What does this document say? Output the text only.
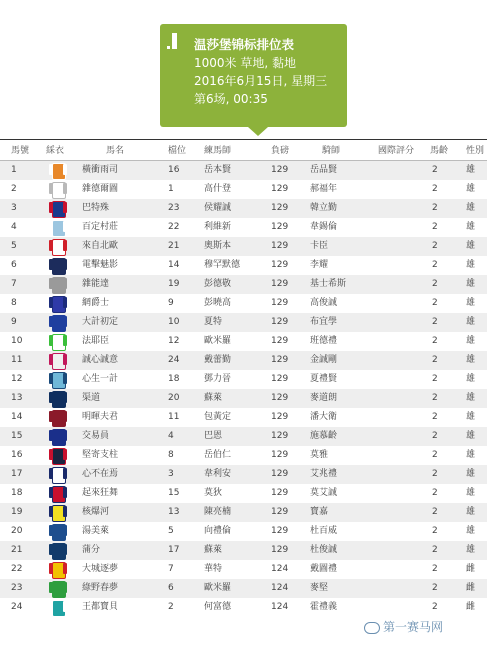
温莎堡锦标排位表
1000米 草地, 黏地
2016年6月15日, 星期三
第6场, 00:35
馬號 綵衣	馬名	檔位 練馬師	負磅	騎師	國際評分 馬齡 性別
1	橫衝雨司	16	岳本賢	129 岳品賢	2	雄
2	雜德爾圖	1	高什登	129 郝福年	2	雄
3	巴特殊	23	侯耀誠	129 韓立勤	2	雄
4	百定村莊	22	利維新	129 韋錫倫	2	雄
5	來自北歐	21	奧斯本	129 卡臣	2	雄
6	電擊魅影	14	穆罕默德	129 李耀	2	雄
7	雜能達	19	彭德敬	129 基士希斯	2	雄
8	網爵士	9	彭曉高	129 高俊誠	2	雄
9	大計初定	10	夏特	129 布宜學	2	雄
10	法耶臣	12	歐米羅	129 班德禮	2	雄
11	誠心誠意	24	戴蕾勤	129 金誠剛	2	雄
12	心生一計	18	鄧力晉	129 夏禮賢	2	雄
13	渠道	20	蘇萊	129 麥道朗	2	雄
14	明暉夫君	11	包黃定	129 潘大衛	2	雄
15	交易員	4	巴恩	129 施慕齡	2	雄
16	堅寄支柱	8	岳伯仁	129 莫雅	2	雄
17	心不在焉	3	韋利安	129 艾兆禮	2	雄
18	起來狂舞	15	莫狄	129 莫艾誠	2	雄
19	核爆河	13	陳亮楠	129 寶嘉	2	雄
20	湯美萊	5	向禮倫	129 杜百威	2	雄
21	蒲分	17	蘇萊	129 杜俊誠	2	雄
22	大城逐夢	7	華特	124 戴圖禮	2	雌
23	綠野春夢	6	歐米羅	124 麥堅	2	雌
24	王都寶貝	2	何富德	124 霍禮義	2	雌
第一赛马网
